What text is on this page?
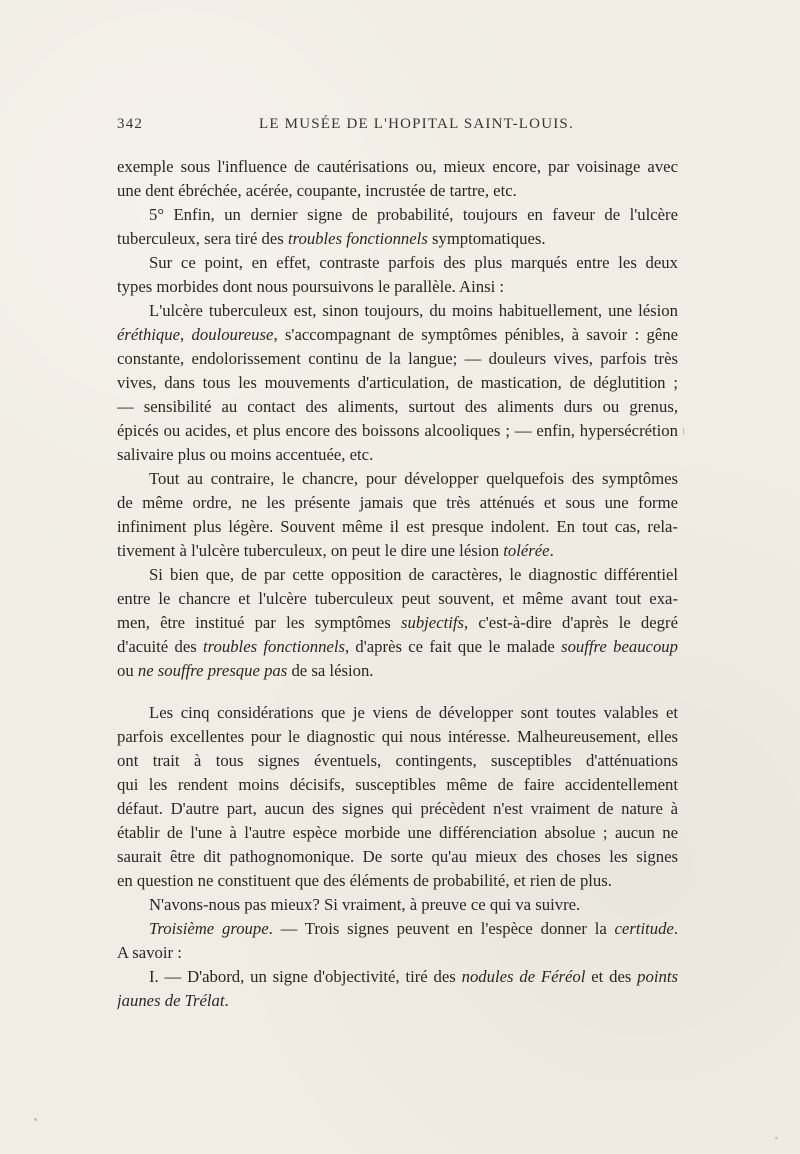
342	LE MUSÉE DE L'HOPITAL SAINT-LOUIS.
exemple sous l'influence de cautérisations ou, mieux encore, par voisinage avec
une dent ébréchée, acérée, coupante, incrustée de tartre, etc.
5° Enfin, un dernier signe de probabilité, toujours en faveur de l'ulcère
tuberculeux, sera tiré des troubles fonctionnels symptomatiques.
Sur ce point, en effet, contraste parfois des plus marqués entre les deux
types morbides dont nous poursuivons le parallèle. Ainsi :
L'ulcère tuberculeux est, sinon toujours, du moins habituellement, une lésion
éréthique, douloureuse, s'accompagnant de symptômes pénibles, à savoir : gêne
constante, endolorissement continu de la langue; — douleurs vives, parfois très
vives, dans tous les mouvements d'articulation, de mastication, de déglutition ;
— sensibilité au contact des aliments, surtout des aliments durs ou grenus,
épicés ou acides, et plus encore des boissons alcooliques ; — enfin, hypersécrétion
salivaire plus ou moins accentuée, etc.
Tout au contraire, le chancre, pour développer quelquefois des symptômes
de même ordre, ne les présente jamais que très atténués et sous une forme
infiniment plus légère. Souvent même il est presque indolent. En tout cas, rela-
tivement à l'ulcère tuberculeux, on peut le dire une lésion tolérée.
Si bien que, de par cette opposition de caractères, le diagnostic différentiel
entre le chancre et l'ulcère tuberculeux peut souvent, et même avant tout exa-
men, être institué par les symptômes subjectifs, c'est-à-dire d'après le degré
d'acuité des troubles fonctionnels, d'après ce fait que le malade souffre beaucoup
ou ne souffre presque pas de sa lésion.
Les cinq considérations que je viens de développer sont toutes valables et
parfois excellentes pour le diagnostic qui nous intéresse. Malheureusement, elles
ont trait à tous signes éventuels, contingents, susceptibles d'atténuations
qui les rendent moins décisifs, susceptibles même de faire accidentellement
défaut. D'autre part, aucun des signes qui précèdent n'est vraiment de nature à
établir de l'une à l'autre espèce morbide une différenciation absolue ; aucun ne
saurait être dit pathognomonique. De sorte qu'au mieux des choses les signes
en question ne constituent que des éléments de probabilité, et rien de plus.
N'avons-nous pas mieux? Si vraiment, à preuve ce qui va suivre.
Troisième groupe. — Trois signes peuvent en l'espèce donner la certitude.
A savoir :
I. — D'abord, un signe d'objectivité, tiré des nodules de Féréol et des points
jaunes de Trélat.
